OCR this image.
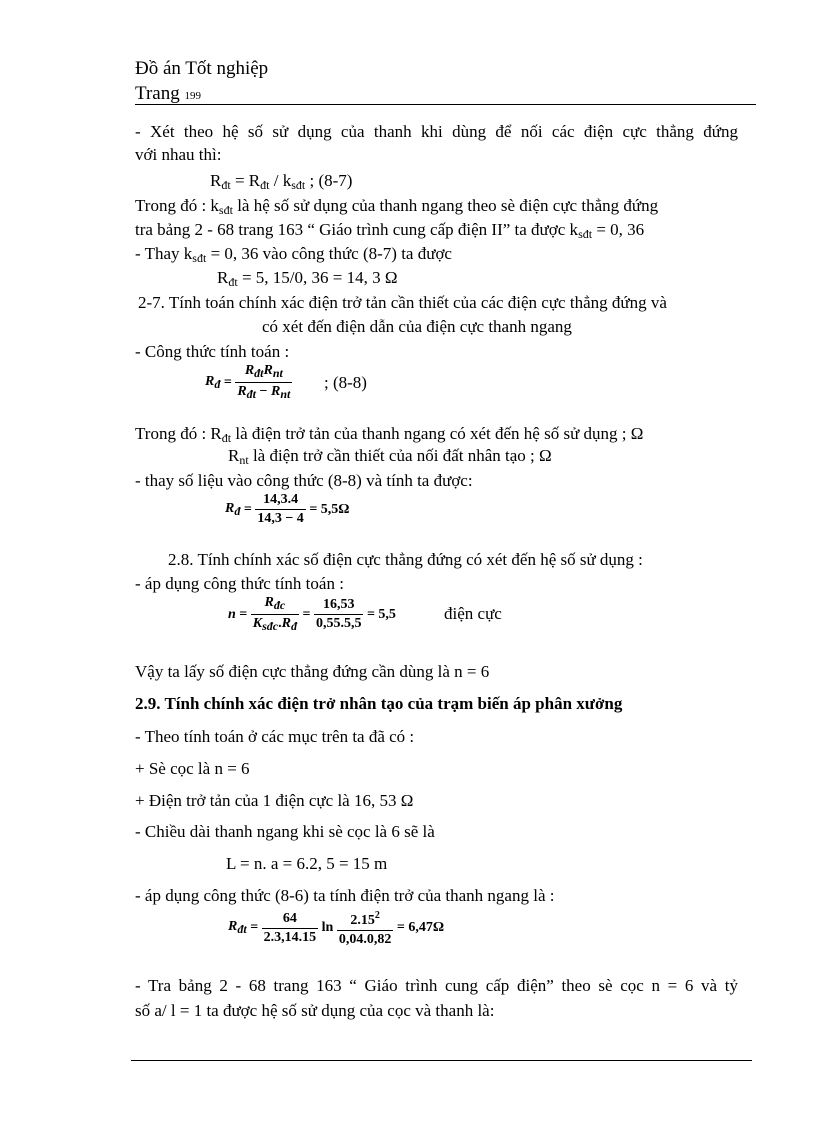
Đồ án Tốt nghiệp
Trang 199
- Xét theo hệ số sử dụng của thanh khi dùng để nối các điện cực thẳng đứng
với nhau thì:
$R_{đt} = R_{đt} / k_{sđt}$ ; (8-7)
Trong đó : $k_{sđt}$ là hệ số sử dụng của thanh ngang theo sè điện cực thẳng đứng
tra bảng 2 - 68 trang 163 “ Giáo trình cung cấp điện II” ta được $k_{sđt} = 0$, 36
- Thay $k_{sđt} = 0$, 36 vào công thức (8-7) ta được
$R_{đt} = 5$, 15/0, 36 = 14, 3 Ω
2-7. Tính toán chính xác điện trở tản cần thiết của các điện cực thẳng đứng và
có xét đến điện dẫn của điện cực thanh ngang
- Công thức tính toán :
$R_đ = \frac{R_{đt}R_{nt}}{R_{đt} - R_{nt}}$ ; (8-8)
Trong đó : $R_{đt}$ là điện trở tản của thanh ngang có xét đến hệ số sử dụng ; Ω
$R_{nt}$ là điện trở cần thiết của nối đất nhân tạo ; Ω
- thay số liệu vào công thức (8-8) và tính ta được:
$R_đ = \frac{14,3.4}{14,3 - 4} = 5,5\Omega$
2.8. Tính chính xác số điện cực thẳng đứng có xét đến hệ số sử dụng :
- áp dụng công thức tính toán :
$n = \frac{R_{đc}}{K_{sđc}.R_đ} = \frac{16,53}{0,55.5,5} = 5,5$	điện cực
Vậy ta lấy số điện cực thẳng đứng cần dùng là n = 6
2.9. Tính chính xác điện trở nhân tạo của trạm biến áp phân xưởng
- Theo tính toán ở các mục trên ta đã có :
+ Sè cọc là n = 6
+ Điện trở tản của 1 điện cực là 16, 53 Ω
- Chiều dài thanh ngang khi sè cọc là 6 sẽ là
L = n. a = 6.2, 5 = 15 m
- áp dụng công thức (8-6) ta tính điện trở của thanh ngang là :
$R_{đt} = \frac{64}{2.3,14.15}$ $\ln \frac{2.15^2}{0,04.0,82} = 6,47\Omega$
- Tra bảng 2 - 68 trang 163 “ Giáo trình cung cấp điện” theo sè cọc n = 6 và tỷ
số a/ l = 1 ta được hệ số sử dụng của cọc và thanh là:
